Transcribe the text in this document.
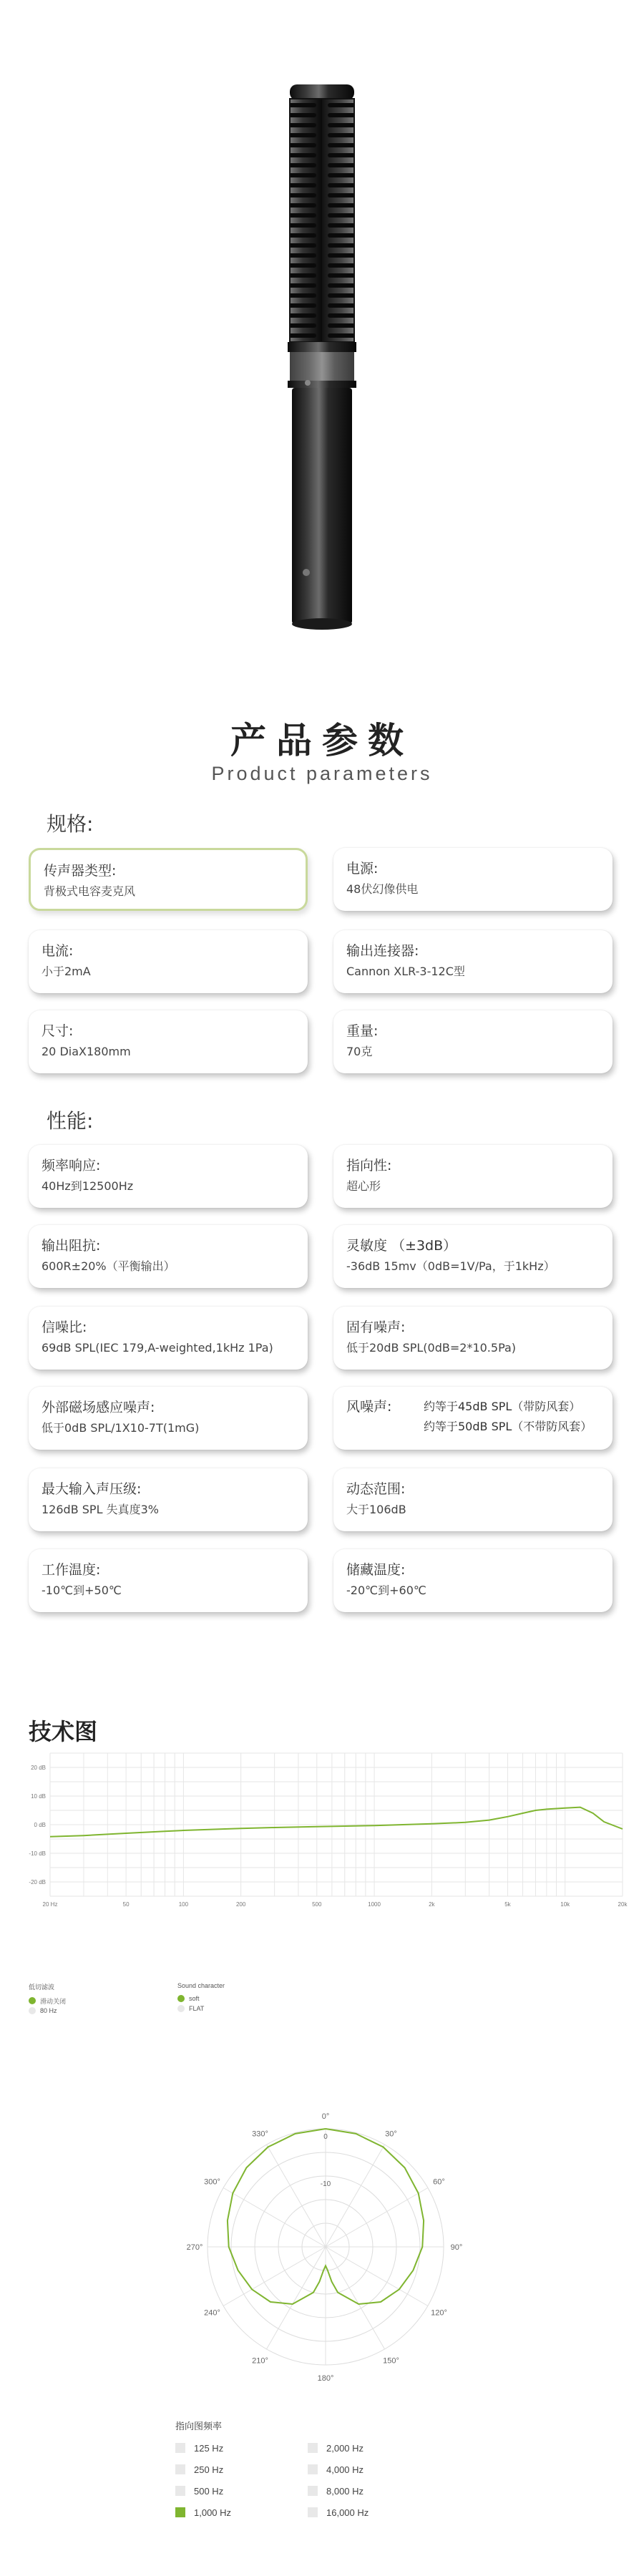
产品参数
Product parameters
规格:
传声器类型:
背极式电容麦克风
电源:
48伏幻像供电
电流:
小于2mA
输出连接器:
Cannon XLR-3-12C型
尺寸:
20 DiaX180mm
重量:
70克
性能:
频率响应:
40Hz到12500Hz
指向性:
超心形
输出阻抗:
600R±20%（平衡输出）
灵敏度 （±3dB）
-36dB 15mv（0dB=1V/Pa，于1kHz）
信噪比:
69dB SPL(IEC 179,A-weighted,1kHz 1Pa)
固有噪声:
低于20dB SPL(0dB=2*10.5Pa)
外部磁场感应噪声:
低于0dB SPL/1X10-7T(1mG)
风噪声:	约等于45dB SPL（带防风套）
约等于50dB SPL（不带防风套）
最大输入声压级:
126dB SPL 失真度3%
动态范围:
大于106dB
工作温度:
-10℃到+50℃
储藏温度:
-20℃到+60℃
技术图
20 dB
10 dB
0 dB
-10 dB
-20 dB
20 Hz	50	100	200	500	1000	2k	5k	10k	20k
低切滤波
滑动关闭
80 Hz
Sound character
soft
FLAT
0°
30°
60°
90°
120°
150°
180°
210°
240°
270°
300°
330°	0
-10
指向图频率
125 Hz	2,000 Hz
250 Hz	4,000 Hz
500 Hz	8,000 Hz
1,000 Hz	16,000 Hz
